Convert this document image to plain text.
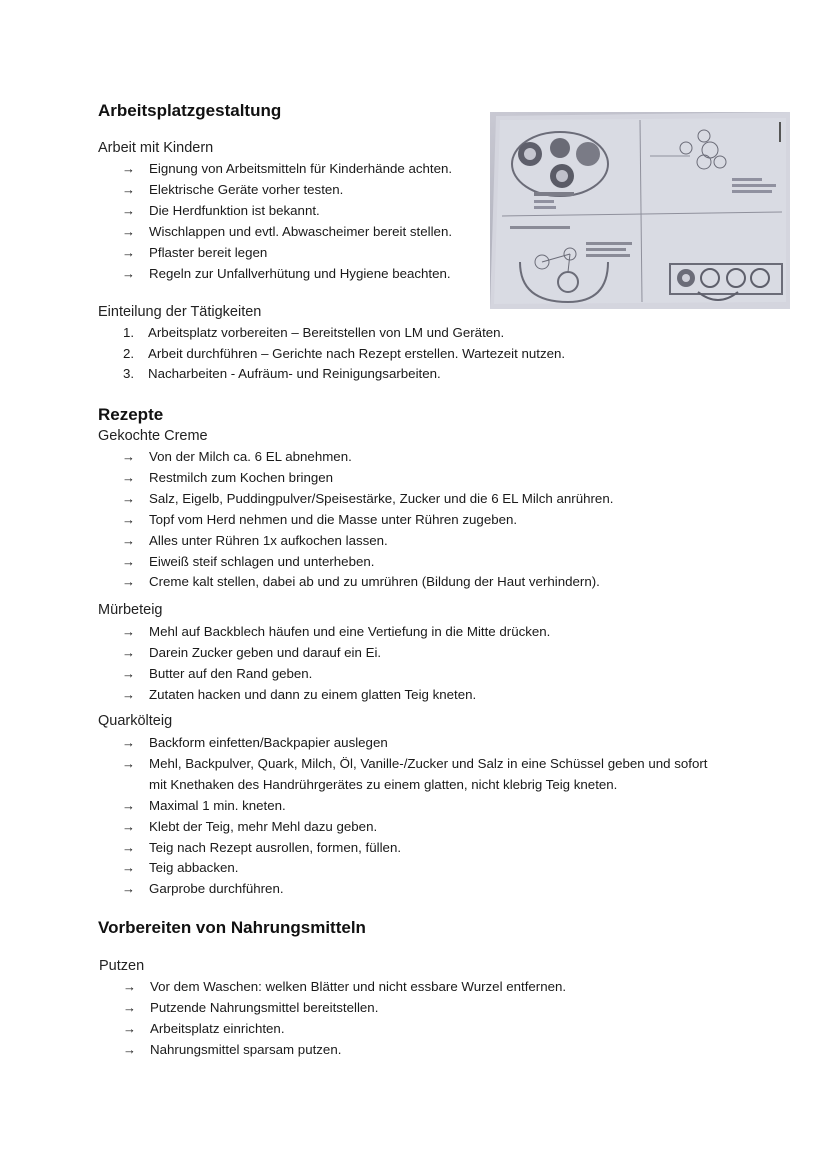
Arbeitsplatzgestaltung
Arbeit mit Kindern
→ Eignung von Arbeitsmitteln für Kinderhände achten.
→ Elektrische Geräte vorher testen.
→ Die Herdfunktion ist bekannt.
→ Wischlappen und evtl. Abwascheimer bereit stellen.
→ Pflaster bereit legen
→ Regeln zur Unfallverhütung und Hygiene beachten.
Einteilung der Tätigkeiten
1. Arbeitsplatz vorbereiten – Bereitstellen von LM und Geräten.
2. Arbeit durchführen – Gerichte nach Rezept erstellen. Wartezeit nutzen.
3. Nacharbeiten - Aufräum- und Reinigungsarbeiten.
Rezepte
Gekochte Creme
→ Von der Milch ca. 6 EL abnehmen.
→ Restmilch zum Kochen bringen
→ Salz, Eigelb, Puddingpulver/Speisestärke, Zucker und die 6 EL Milch anrühren.
→ Topf vom Herd nehmen und die Masse unter Rühren zugeben.
→ Alles unter Rühren 1x aufkochen lassen.
→ Eiweiß steif schlagen und unterheben.
→ Creme kalt stellen, dabei ab und zu umrühren (Bildung der Haut verhindern).
Mürbeteig
→ Mehl auf Backblech häufen und eine Vertiefung in die Mitte drücken.
→ Darein Zucker geben und darauf ein Ei.
→ Butter auf den Rand geben.
→ Zutaten hacken und dann zu einem glatten Teig kneten.
Quarkölteig
→ Backform einfetten/Backpapier auslegen
→ Mehl, Backpulver, Quark, Milch, Öl, Vanille-/Zucker und Salz in eine Schüssel geben und sofort mit Knethaken des Handrührgerätes zu einem glatten, nicht klebrig Teig kneten.
→ Maximal 1 min. kneten.
→ Klebt der Teig, mehr Mehl dazu geben.
→ Teig nach Rezept ausrollen, formen, füllen.
→ Teig abbacken.
→ Garprobe durchführen.
Vorbereiten von Nahrungsmitteln
Putzen
→ Vor dem Waschen: welken Blätter und nicht essbare Wurzel entfernen.
→ Putzende Nahrungsmittel bereitstellen.
→ Arbeitsplatz einrichten.
→ Nahrungsmittel sparsam putzen.
